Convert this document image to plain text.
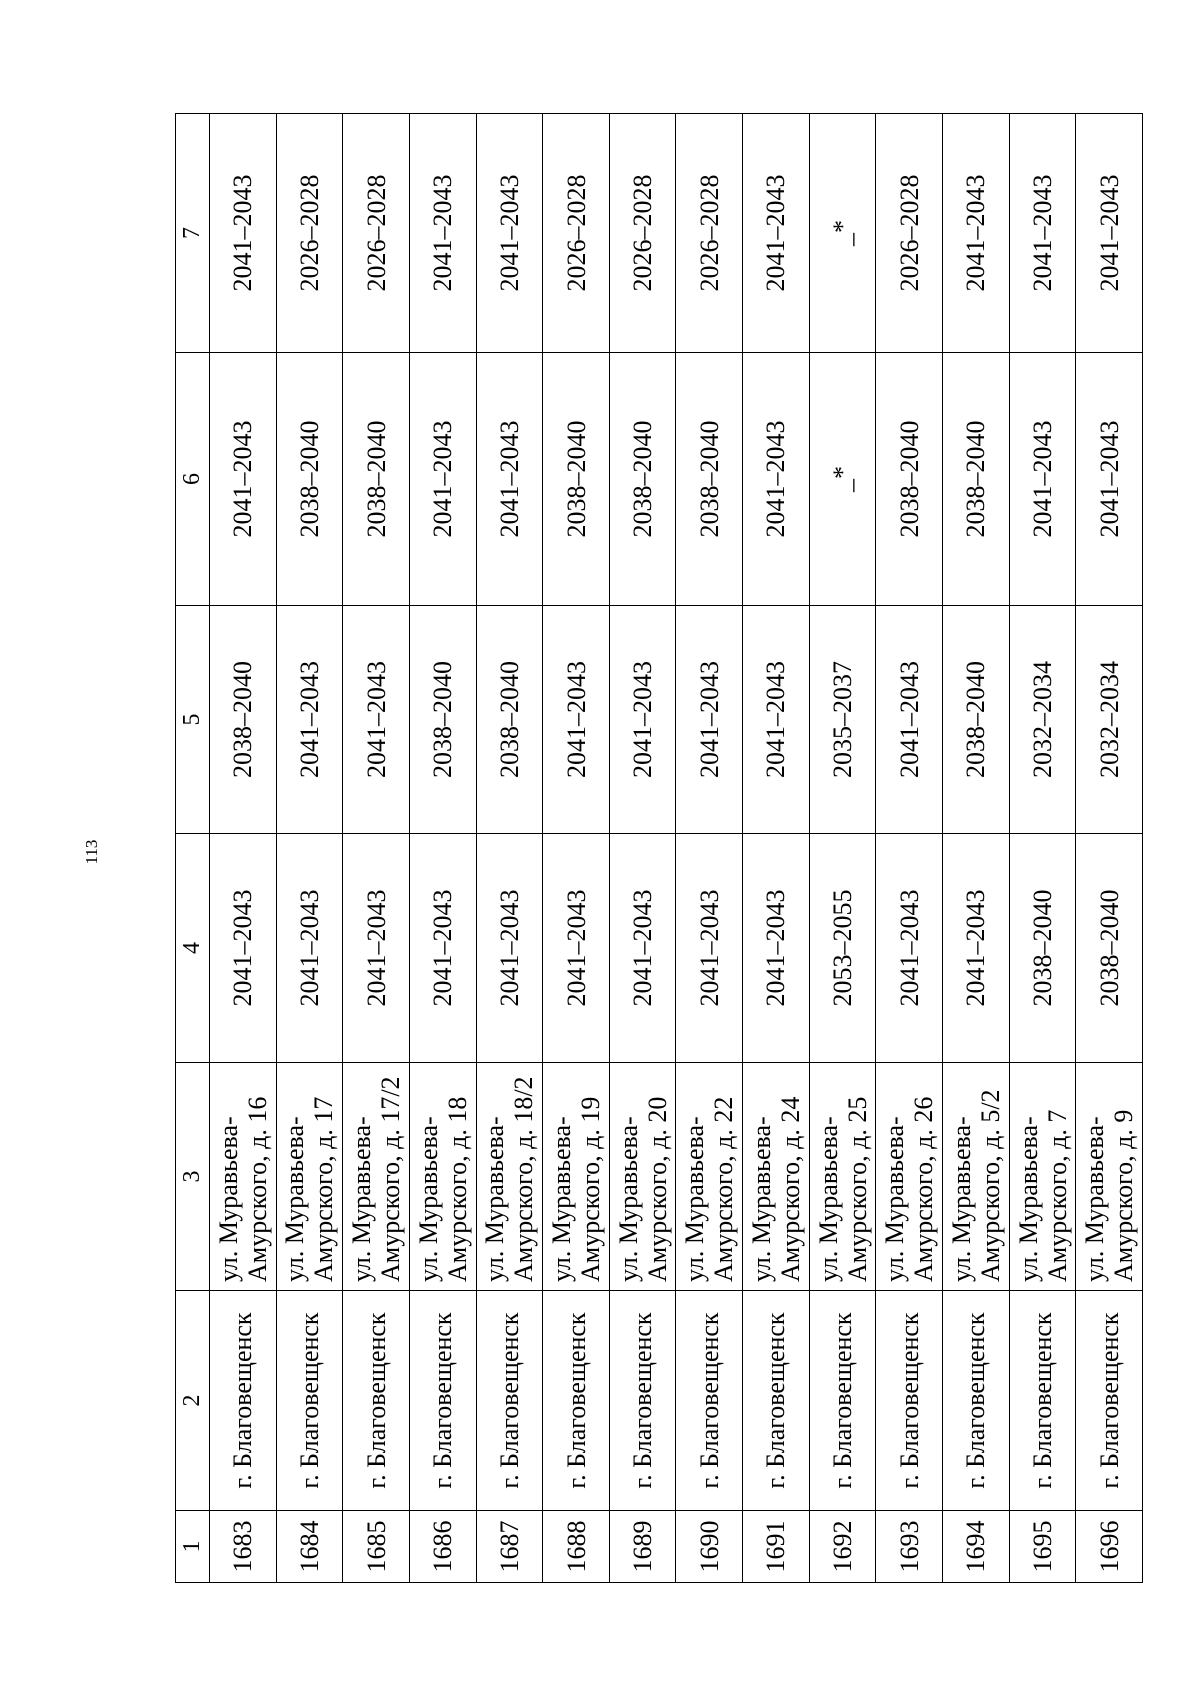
113
1	2	3	4	5	6	7
1683	г. Благовещенск	ул. Муравьева- Амурского, д. 16	2041–2043	2038–2040	2041–2043	2041–2043
1684	г. Благовещенск	ул. Муравьева- Амурского, д. 17	2041–2043	2041–2043	2038–2040	2026–2028
1685	г. Благовещенск	ул. Муравьева- Амурского, д. 17/2	2041–2043	2041–2043	2038–2040	2026–2028
1686	г. Благовещенск	ул. Муравьева- Амурского, д. 18	2041–2043	2038–2040	2041–2043	2041–2043
1687	г. Благовещенск	ул. Муравьева- Амурского, д. 18/2	2041–2043	2038–2040	2041–2043	2041–2043
1688	г. Благовещенск	ул. Муравьева- Амурского, д. 19	2041–2043	2041–2043	2038–2040	2026–2028
1689	г. Благовещенск	ул. Муравьева- Амурского, д. 20	2041–2043	2041–2043	2038–2040	2026–2028
1690	г. Благовещенск	ул. Муравьева- Амурского, д. 22	2041–2043	2041–2043	2038–2040	2026–2028
1691	г. Благовещенск	ул. Муравьева- Амурского, д. 24	2041–2043	2041–2043	2041–2043	2041–2043
1692	г. Благовещенск	ул. Муравьева- Амурского, д. 25	2053–2055	2035–2037	_*	_*
1693	г. Благовещенск	ул. Муравьева- Амурского, д. 26	2041–2043	2041–2043	2038–2040	2026–2028
1694	г. Благовещенск	ул. Муравьева- Амурского, д. 5/2	2041–2043	2038–2040	2038–2040	2041–2043
1695	г. Благовещенск	ул. Муравьева- Амурского, д. 7	2038–2040	2032–2034	2041–2043	2041–2043
1696	г. Благовещенск	ул. Муравьева- Амурского, д. 9	2038–2040	2032–2034	2041–2043	2041–2043
